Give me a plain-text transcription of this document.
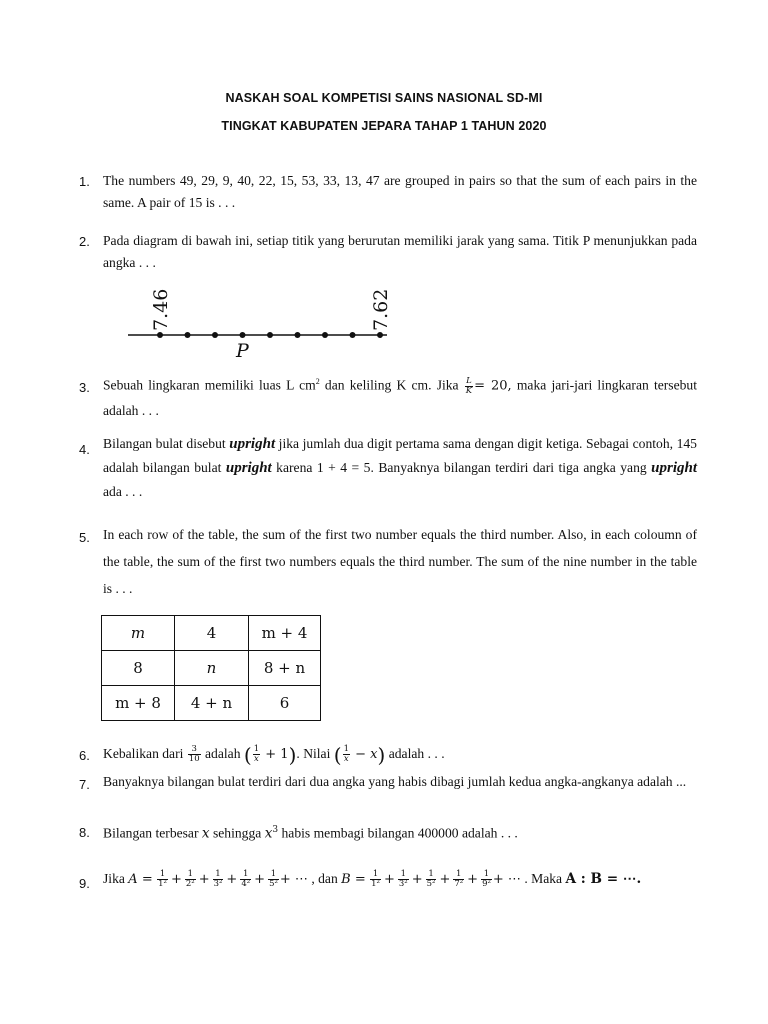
NASKAH SOAL KOMPETISI SAINS NASIONAL SD-MI
TINGKAT KABUPATEN JEPARA TAHAP 1 TAHUN 2020
1. The numbers 49, 29, 9, 40, 22, 15, 53, 33, 13, 47 are grouped in pairs so that the sum of each pairs in the same. A pair of 15 is . . .
2. Pada diagram di bawah ini, setiap titik yang berurutan memiliki jarak yang sama. Titik P menunjukkan pada angka . . .
7.46	7.62
P
3. Sebuah lingkaran memiliki luas L $cm^2$ dan keliling K cm. Jika $\frac{L}{K} = 20$, maka jari-jari lingkaran tersebut adalah . . .
4. Bilangan bulat disebut upright jika jumlah dua digit pertama sama dengan digit ketiga. Sebagai contoh, 145 adalah bilangan bulat upright karena 1 + 4 = 5. Banyaknya bilangan terdiri dari tiga angka yang upright ada . . .
5. In each row of the table, the sum of the first two number equals the third number. Also, in each coloumn of the table, the sum of the first two numbers equals the third number. The sum of the nine number in the table is . . .
m	4	m + 4
8	n	8 + n
m + 8	4 + n	6
6. Kebalikan dari $\frac{3}{10}$ adalah ( $\frac{1}{x} + 1$). Nilai ( $\frac{1}{x} - x$) adalah . . .
7. Banyaknya bilangan bulat terdiri dari dua angka yang habis dibagi jumlah kedua angka-angkanya adalah ...
8. Bilangan terbesar x sehingga $x^3$ habis membagi bilangan 400000 adalah . . .
9. Jika $A = \frac{1}{\text{1²}} + \frac{1}{\text{2²}} + \frac{1}{\text{3²}} + \frac{1}{\text{4²}} + \frac{1}{\text{5²}}$ + ⋯ , dan $B = \frac{1}{\text{1²}} + \frac{1}{\text{3²}} + \frac{1}{\text{5²}} + \frac{1}{\text{7²}} + \frac{1}{\text{9²}}$ + ⋯ . Maka A : B = ⋯.
